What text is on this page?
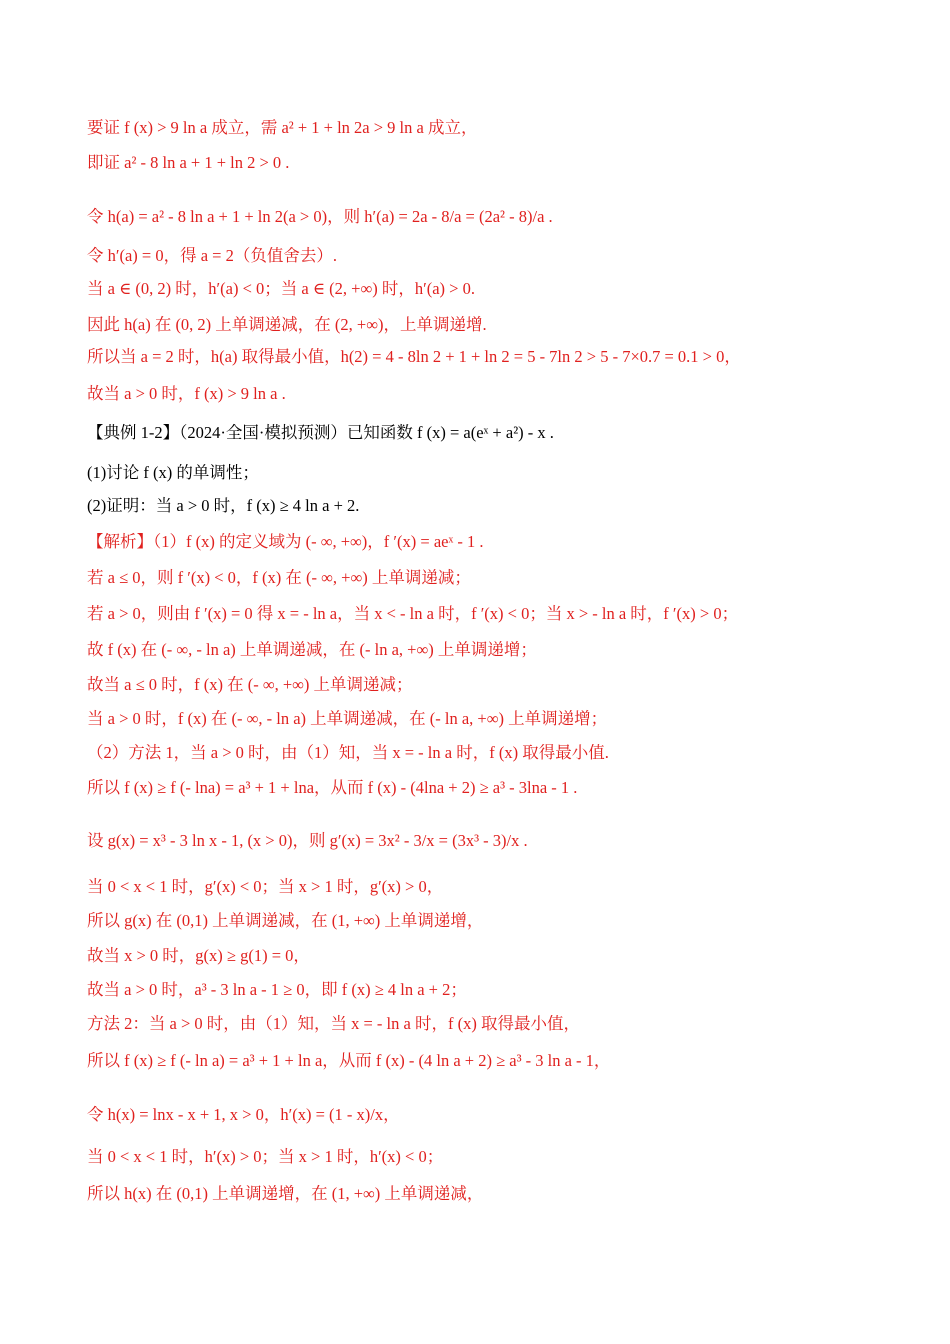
要证 f (x) > 9 ln a 成立，需 a² + 1 + ln 2a > 9 ln a 成立，
即证 a² - 8 ln a + 1 + ln 2 > 0 .
令 h(a) = a² - 8 ln a + 1 + ln 2(a > 0)，则 h′(a) = 2a - 8/a = (2a² - 8)/a .
令 h′(a) = 0，得 a = 2（负值舍去）.
当 a ∈ (0, 2) 时，h′(a) < 0；当 a ∈ (2, +∞) 时，h′(a) > 0.
因此 h(a) 在 (0, 2) 上单调递减，在 (2, +∞)，上单调递增.
所以当 a = 2 时，h(a) 取得最小值，h(2) = 4 - 8ln 2 + 1 + ln 2 = 5 - 7ln 2 > 5 - 7×0.7 = 0.1 > 0，
故当 a > 0 时，f (x) > 9 ln a .
【典例 1-2】（2024·全国·模拟预测）已知函数 f (x) = a(eˣ + a²) - x .
(1)讨论 f (x) 的单调性；
(2)证明：当 a > 0 时，f (x) ≥ 4 ln a + 2.
【解析】（1）f (x) 的定义域为 (- ∞, +∞)，f ′(x) = aeˣ - 1 .
若 a ≤ 0，则 f ′(x) < 0，f (x) 在 (- ∞, +∞) 上单调递减；
若 a > 0，则由 f ′(x) = 0 得 x = - ln a，当 x < - ln a 时，f ′(x) < 0；当 x > - ln a 时，f ′(x) > 0；
故 f (x) 在 (- ∞, - ln a) 上单调递减，在 (- ln a, +∞) 上单调递增；
故当 a ≤ 0 时，f (x) 在 (- ∞, +∞) 上单调递减；
当 a > 0 时，f (x) 在 (- ∞, - ln a) 上单调递减，在 (- ln a, +∞) 上单调递增；
（2）方法 1，当 a > 0 时，由（1）知，当 x = - ln a 时，f (x) 取得最小值.
所以 f (x) ≥ f (- lna) = a³ + 1 + lna，从而 f (x) - (4lna + 2) ≥ a³ - 3lna - 1 .
设 g(x) = x³ - 3 ln x - 1, (x > 0)，则 g′(x) = 3x² - 3/x = (3x³ - 3)/x .
当 0 < x < 1 时，g′(x) < 0；当 x > 1 时，g′(x) > 0，
所以 g(x) 在 (0,1) 上单调递减，在 (1, +∞) 上单调递增，
故当 x > 0 时，g(x) ≥ g(1) = 0，
故当 a > 0 时，a³ - 3 ln a - 1 ≥ 0，即 f (x) ≥ 4 ln a + 2；
方法 2：当 a > 0 时，由（1）知，当 x = - ln a 时，f (x) 取得最小值，
所以 f (x) ≥ f (- ln a) = a³ + 1 + ln a，从而 f (x) - (4 ln a + 2) ≥ a³ - 3 ln a - 1，
令 h(x) = lnx - x + 1, x > 0，h′(x) = (1 - x)/x，
当 0 < x < 1 时，h′(x) > 0；当 x > 1 时，h′(x) < 0；
所以 h(x) 在 (0,1) 上单调递增，在 (1, +∞) 上单调递减，
